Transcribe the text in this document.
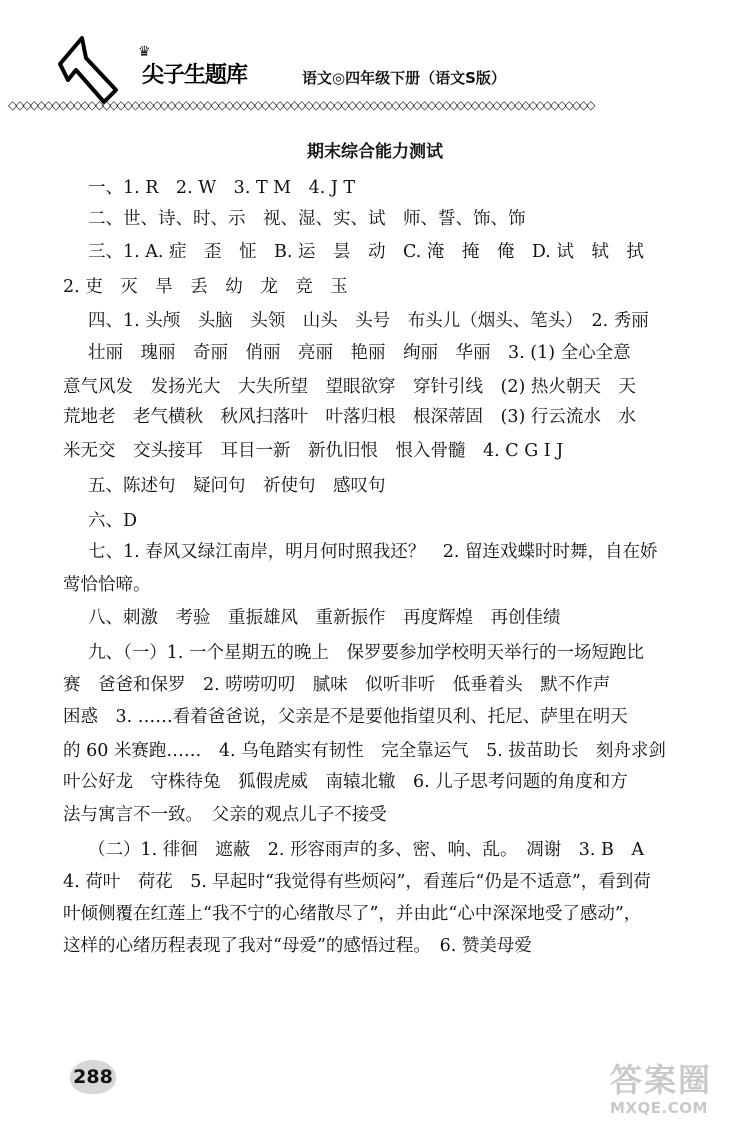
♛
尖子生题库	语文◎四年级下册（语文S版）
◇◇◇◇◇◇◇◇◇◇◇◇◇◇◇◇◇◇◇◇◇◇◇◇◇◇◇◇◇◇◇◇◇◇◇◇◇◇◇◇◇◇◇◇◇◇◇◇◇◇◇◇◇◇◇◇◇◇◇◇◇◇◇◇◇◇◇◇◇◇◇◇◇◇◇◇◇◇◇◇◇
期末综合能力测试
一、1. R　2. W　3. T M　4. J T
二、世、诗、时、示　视、湿、实、试　师、誓、饰、饰
三、1. A. 症　歪　怔　B. 运　昙　动　C. 淹　掩　俺　D. 试　轼　拭
2. 吏　灭　旱　丢　幼　龙　竞　玉
四、1. 头颅　头脑　头领　山头　头号　布头儿（烟头、笔头）　2. 秀丽
壮丽　瑰丽　奇丽　俏丽　亮丽　艳丽　绚丽　华丽　3. (1) 全心全意
意气风发　发扬光大　大失所望　望眼欲穿　穿针引线　(2) 热火朝天　天
荒地老　老气横秋　秋风扫落叶　叶落归根　根深蒂固　(3) 行云流水　水
米无交　交头接耳　耳目一新　新仇旧恨　恨入骨髓　4. C G I J
五、陈述句　疑问句　祈使句　感叹句
六、D
七、1. 春风又绿江南岸，明月何时照我还？　2. 留连戏蝶时时舞，自在娇
莺恰恰啼。
八、刺激　考验　重振雄风　重新振作　再度辉煌　再创佳绩
九、（一）1. 一个星期五的晚上　保罗要参加学校明天举行的一场短跑比
赛　爸爸和保罗　2. 唠唠叨叨　腻味　似听非听　低垂着头　默不作声
困惑　3. ……看着爸爸说，父亲是不是要他指望贝利、托尼、萨里在明天
的 60 米赛跑……　4. 乌龟踏实有韧性　完全靠运气　5. 拔苗助长　刻舟求剑
叶公好龙　守株待兔　狐假虎威　南辕北辙　6. 儿子思考问题的角度和方
法与寓言不一致。　父亲的观点儿子不接受
（二）1. 徘徊　遮蔽　2. 形容雨声的多、密、响、乱。　凋谢　3. B　A
4. 荷叶　荷花　5. 早起时“我觉得有些烦闷”，看莲后“仍是不适意”，看到荷
叶倾侧覆在红莲上“我不宁的心绪散尽了”，并由此“心中深深地受了感动”，
这样的心绪历程表现了我对“母爱”的感悟过程。　6. 赞美母爱
288	答案圈
MXQE.COM
